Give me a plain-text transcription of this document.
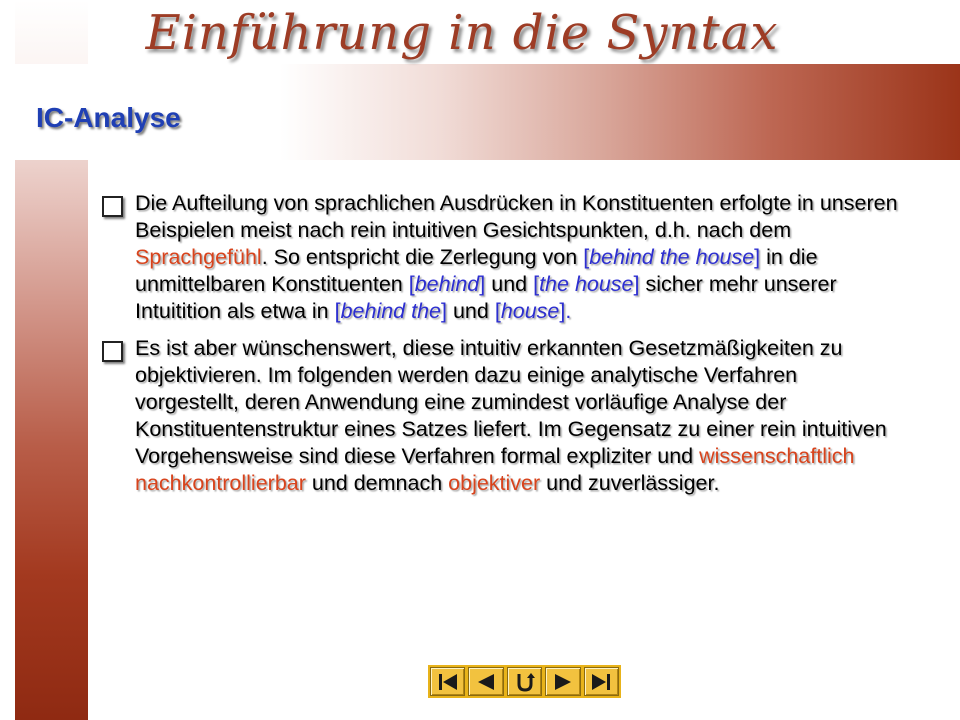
Einführung in die Syntax
IC-Analyse
Die Aufteilung von sprachlichen Ausdrücken in Konstituenten erfolgte in unseren Beispielen meist nach rein intuitiven Gesichtspunkten, d.h. nach dem Sprachgefühl. So entspricht die Zerlegung von [behind the house] in die unmittelbaren Konstituenten [behind] und [the house] sicher mehr unserer Intuitition als etwa in [behind the] und [house].
Es ist aber wünschenswert, diese intuitiv erkannten Gesetzmäßigkeiten zu objektivieren. Im folgenden werden dazu einige analytische Verfahren vorgestellt, deren Anwendung eine zumindest vorläufige Analyse der Konstituentenstruktur eines Satzes liefert. Im Gegensatz zu einer rein intuitiven Vorgehensweise sind diese Verfahren formal expliziter und wissenschaftlich nachkontrollierbar und demnach objektiver und zuverlässiger.
